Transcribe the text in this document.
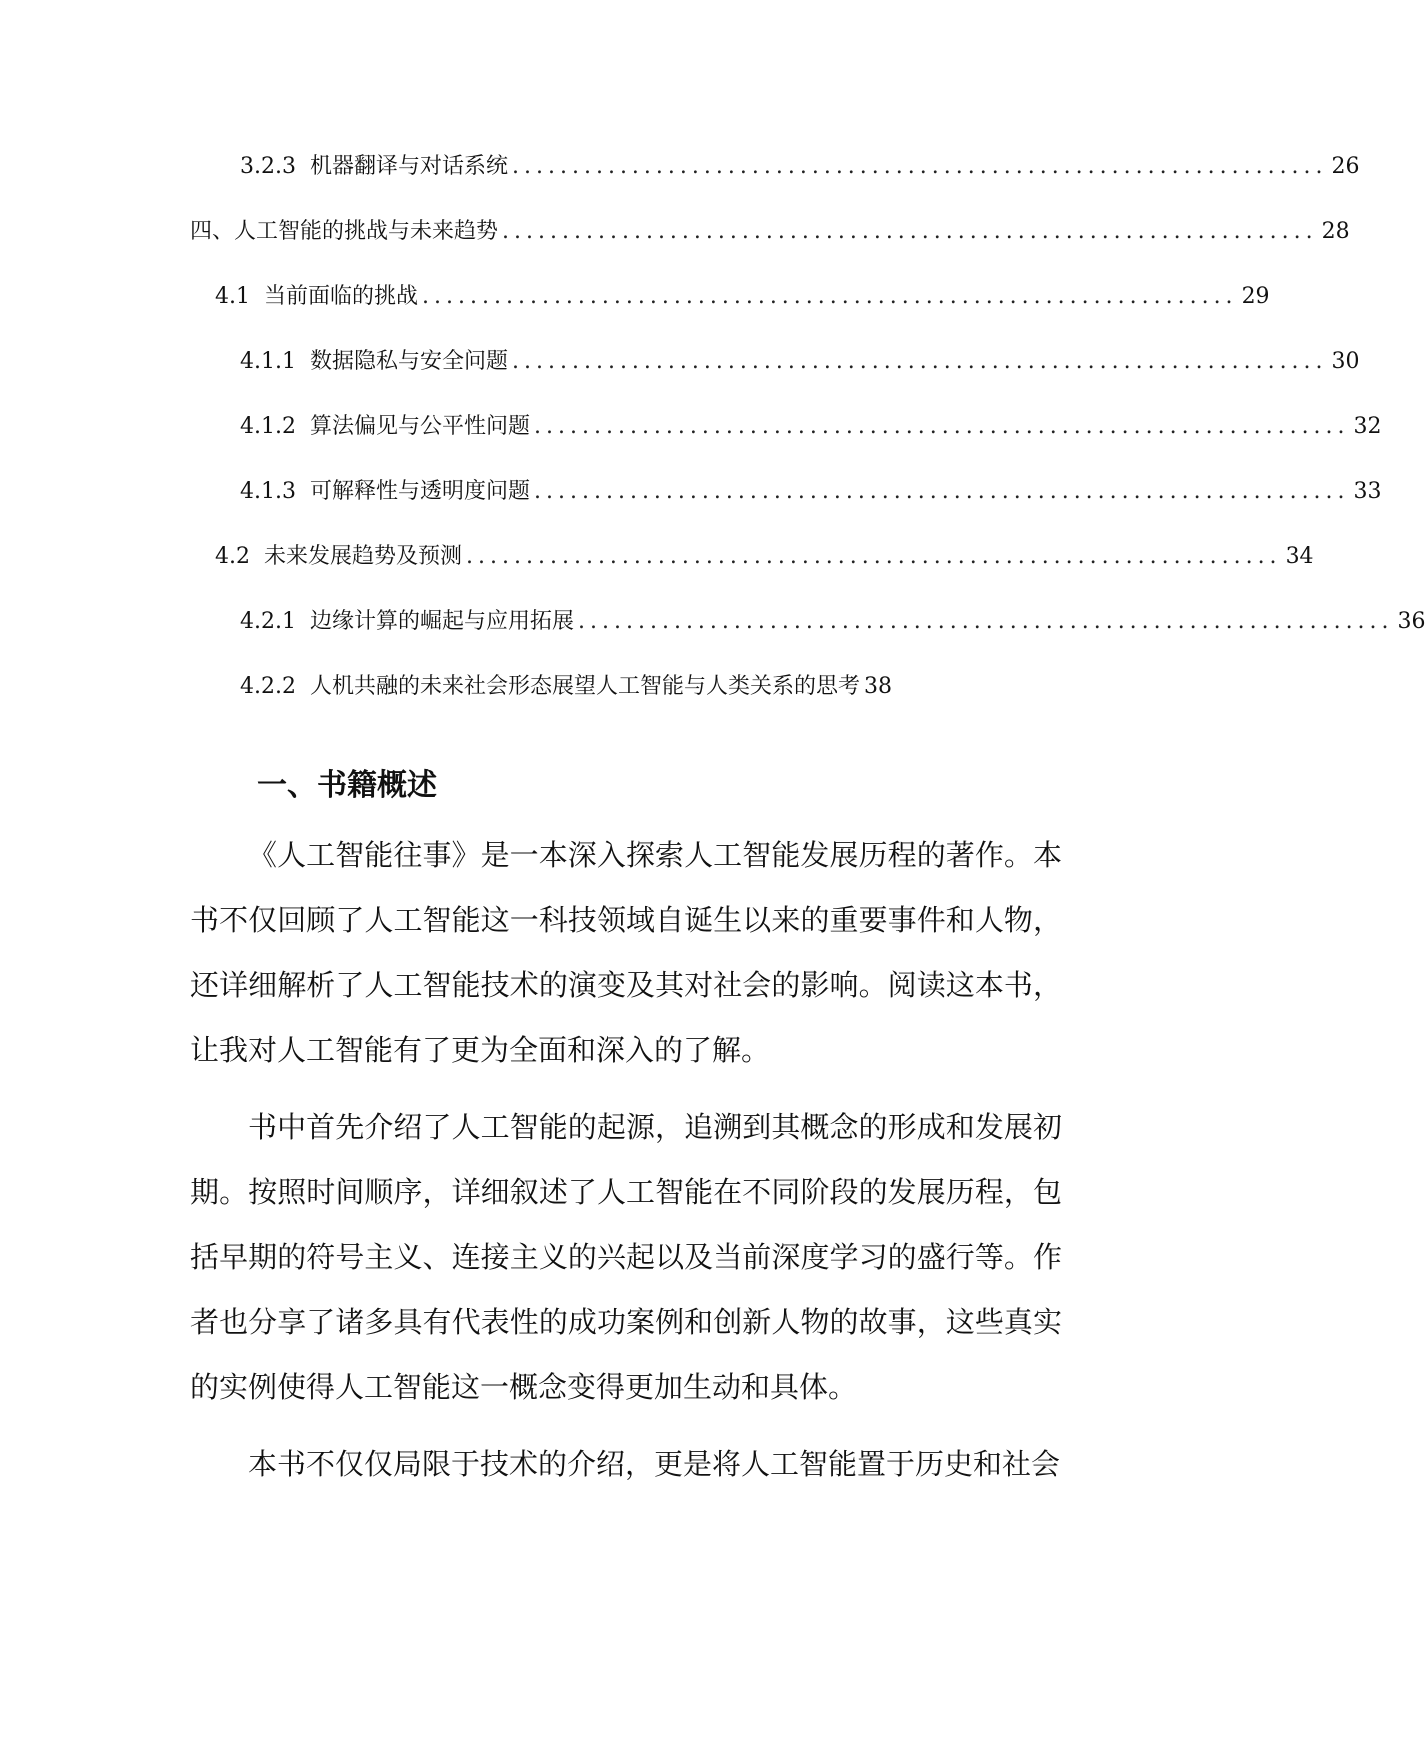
3.2.3 机器翻译与对话系统 .................................................................... 26
四、 人工智能的挑战与未来趋势 .................................................................... 28
4.1 当前面临的挑战 .................................................................... 29
4.1.1 数据隐私与安全问题 .................................................................... 30
4.1.2 算法偏见与公平性问题 .................................................................... 32
4.1.3 可解释性与透明度问题 .................................................................... 33
4.2 未来发展趋势及预测 .................................................................... 34
4.2.1 边缘计算的崛起与应用拓展 .................................................................... 36
4.2.2 人机共融的未来社会形态展望人工智能与人类关系的思考 38
一、书籍概述

《人工智能往事》是一本深入探索人工智能发展历程的著作。本书不仅回顾了人工智能这一科技领域自诞生以来的重要事件和人物，还详细解析了人工智能技术的演变及其对社会的影响。阅读这本书，让我对人工智能有了更为全面和深入的了解。

书中首先介绍了人工智能的起源，追溯到其概念的形成和发展初期。按照时间顺序，详细叙述了人工智能在不同阶段的发展历程，包括早期的符号主义、连接主义的兴起以及当前深度学习的盛行等。作者也分享了诸多具有代表性的成功案例和创新人物的故事，这些真实的实例使得人工智能这一概念变得更加生动和具体。

本书不仅仅局限于技术的介绍，更是将人工智能置于历史和社会
